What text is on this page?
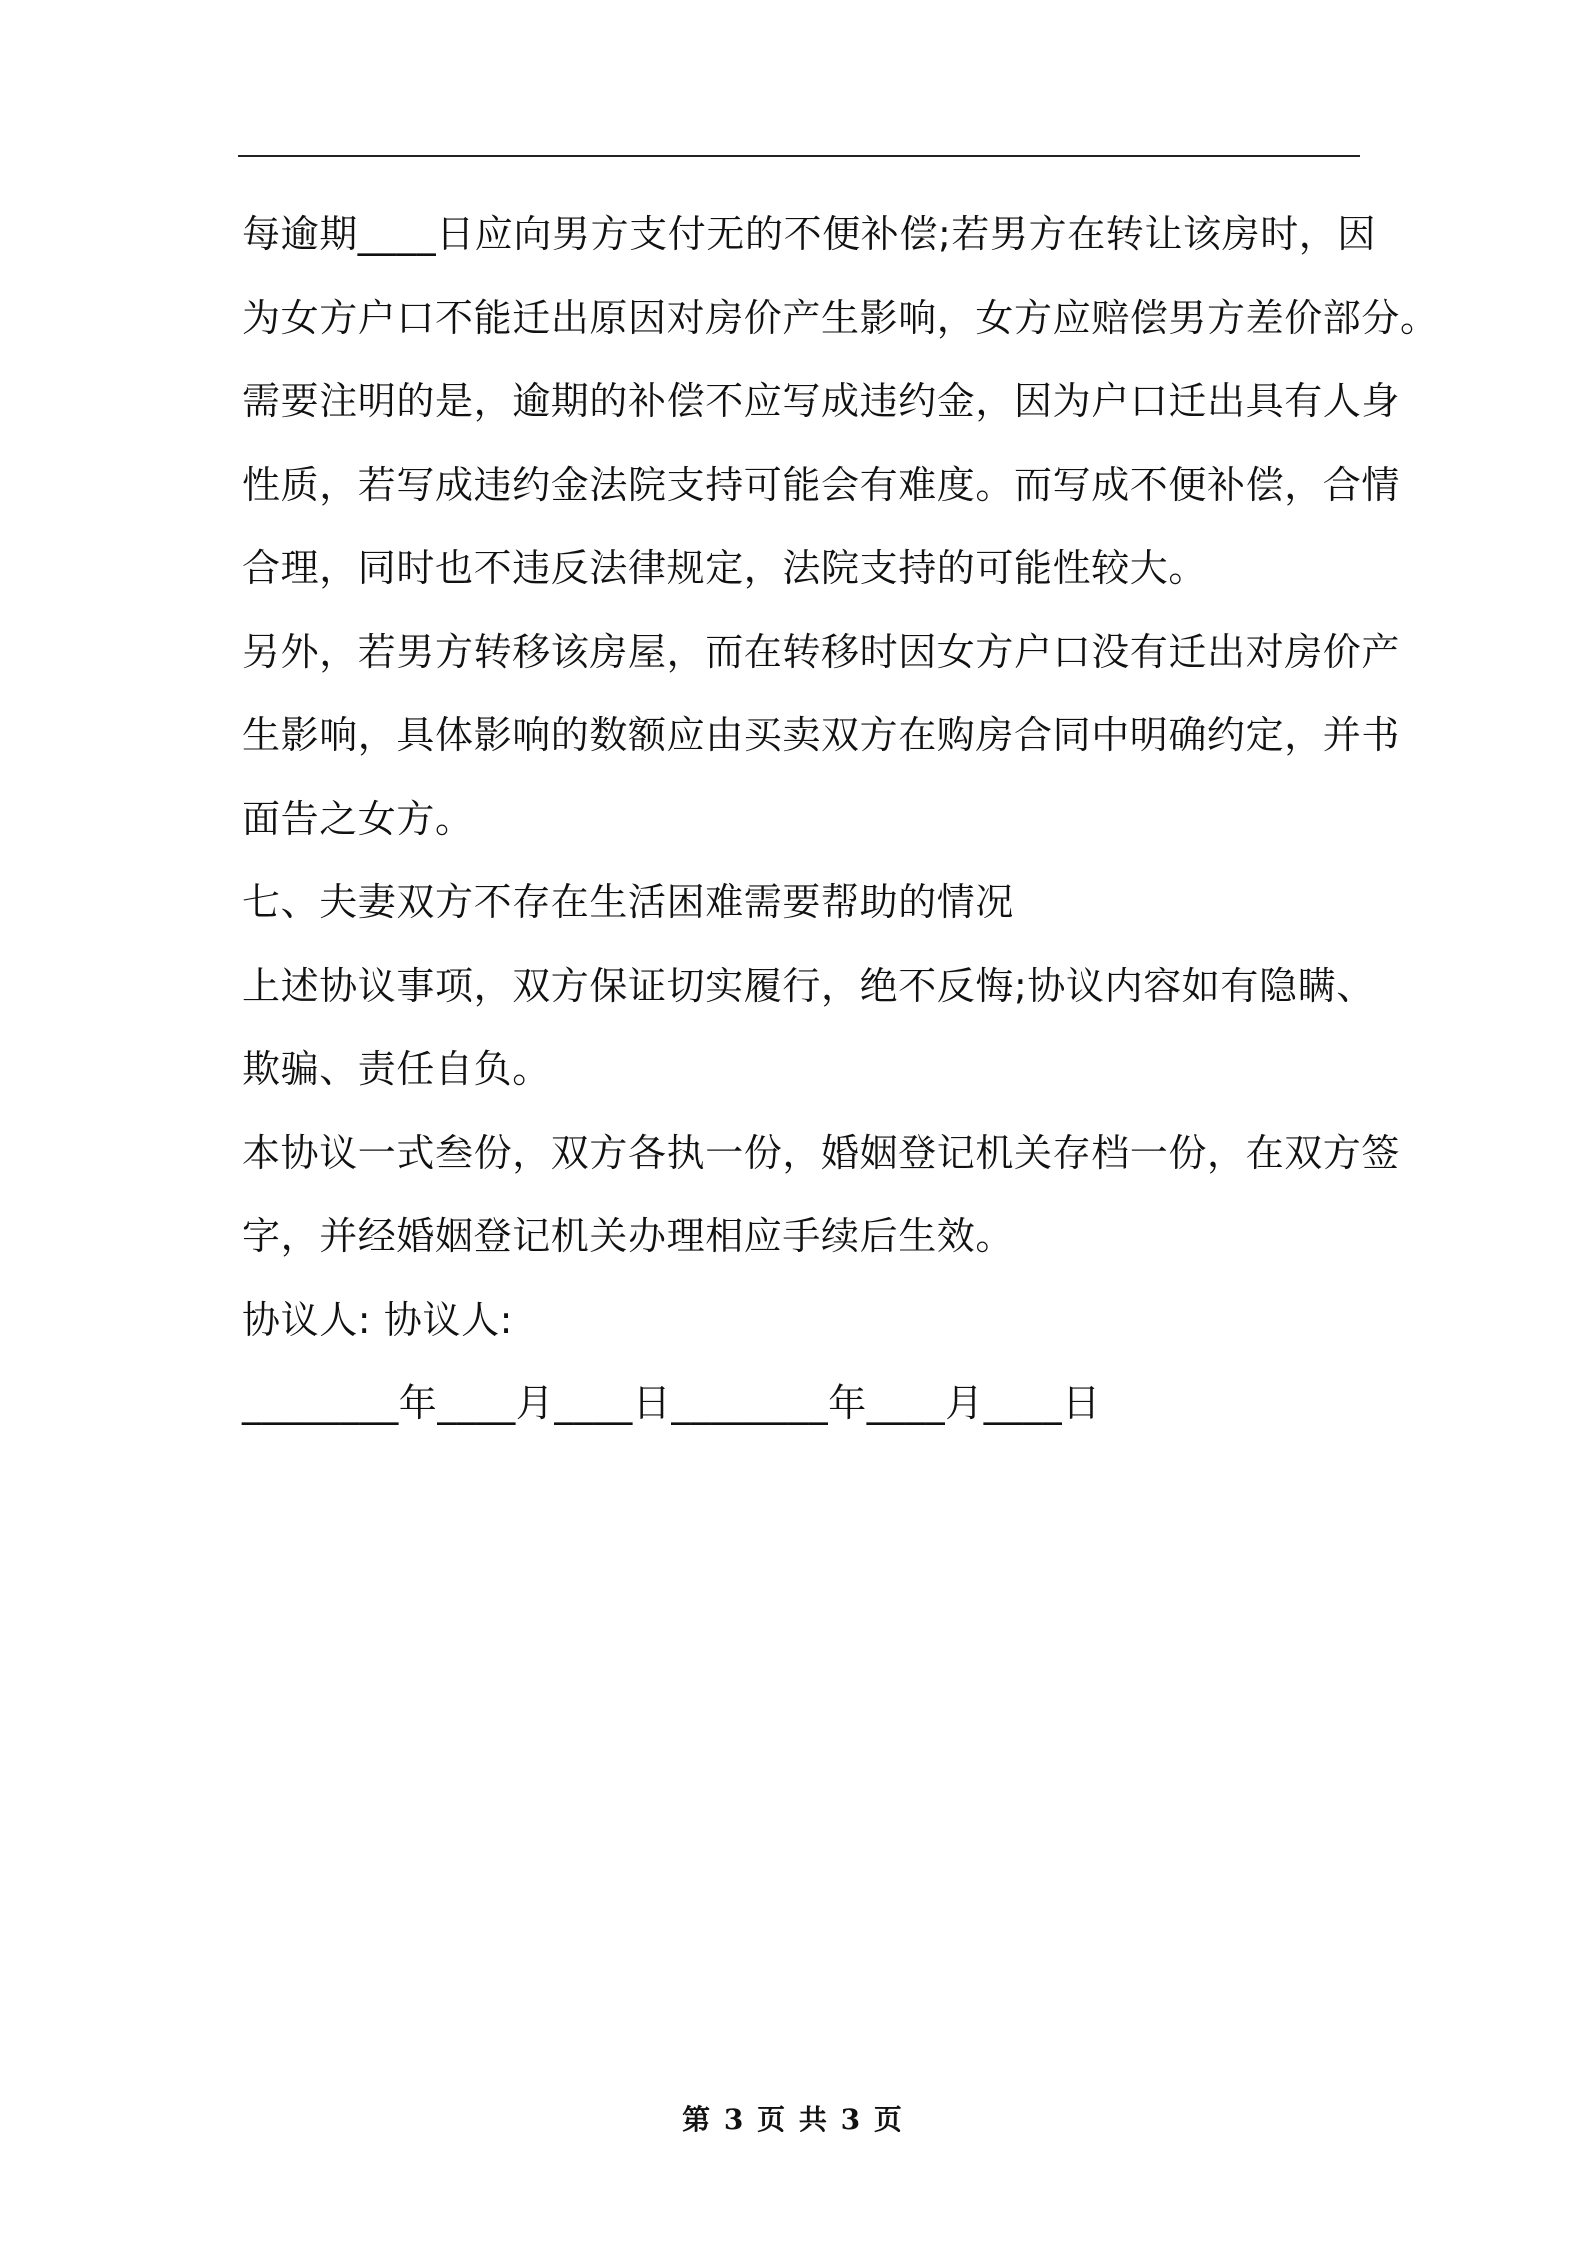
每逾期____日应向男方支付无的不便补偿;若男方在转让该房时，因
为女方户口不能迁出原因对房价产生影响，女方应赔偿男方差价部分。
需要注明的是，逾期的补偿不应写成违约金，因为户口迁出具有人身
性质，若写成违约金法院支持可能会有难度。而写成不便补偿，合情
合理，同时也不违反法律规定，法院支持的可能性较大。
另外，若男方转移该房屋，而在转移时因女方户口没有迁出对房价产
生影响，具体影响的数额应由买卖双方在购房合同中明确约定，并书
面告之女方。
七、夫妻双方不存在生活困难需要帮助的情况
上述协议事项，双方保证切实履行，绝不反悔;协议内容如有隐瞒、
欺骗、责任自负。
本协议一式叁份，双方各执一份，婚姻登记机关存档一份，在双方签
字，并经婚姻登记机关办理相应手续后生效。
协议人: 协议人:
________年____月____日________年____月____日
第 3 页 共 3 页
